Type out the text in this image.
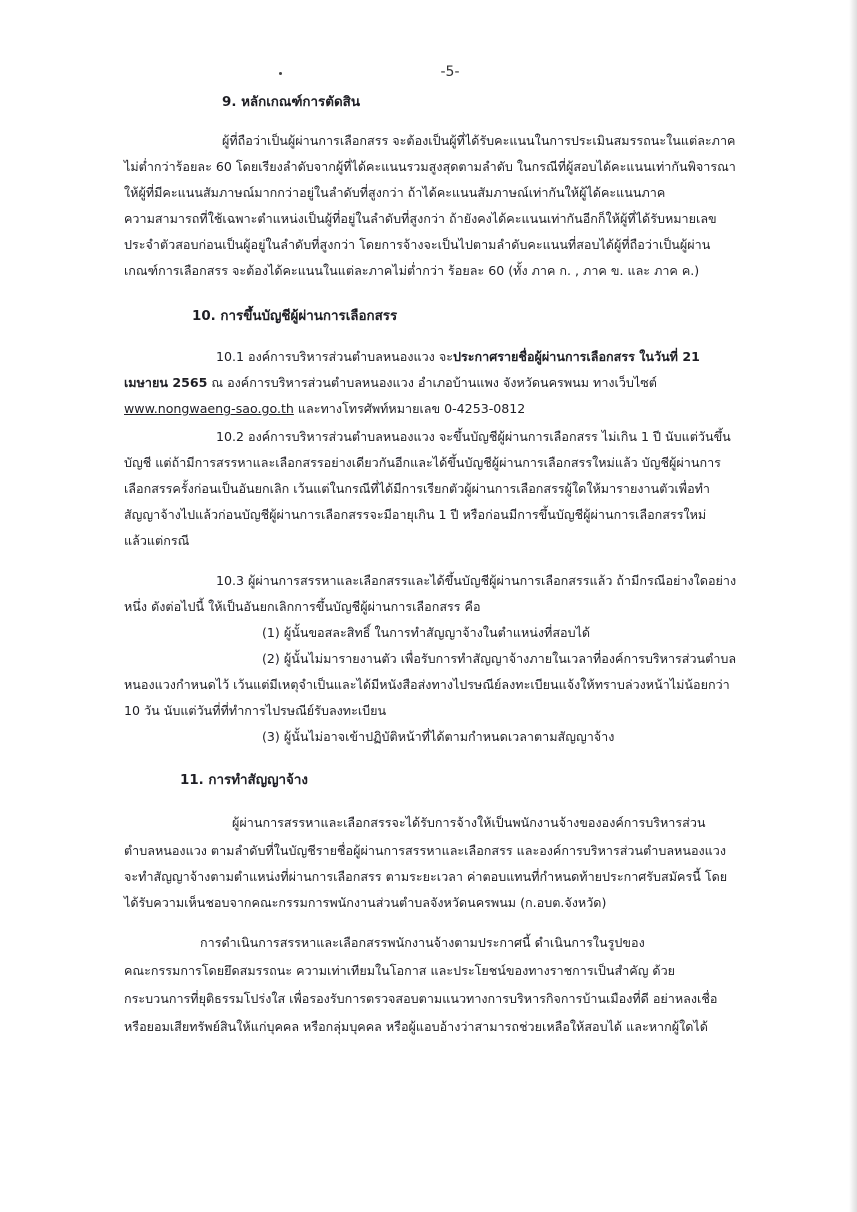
-5-
9. หลักเกณฑ์การตัดสิน
ผู้ที่ถือว่าเป็นผู้ผ่านการเลือกสรร จะต้องเป็นผู้ที่ได้รับคะแนนในการประเมินสมรรถนะในแต่ละภาค
ไม่ต่ำกว่าร้อยละ 60 โดยเรียงลำดับจากผู้ที่ได้คะแนนรวมสูงสุดตามลำดับ ในกรณีที่ผู้สอบได้คะแนนเท่ากันพิจารณา
ให้ผู้ที่มีคะแนนสัมภาษณ์มากกว่าอยู่ในลำดับที่สูงกว่า ถ้าได้คะแนนสัมภาษณ์เท่ากันให้ผู้ได้คะแนนภาค
ความสามารถที่ใช้เฉพาะตำแหน่งเป็นผู้ที่อยู่ในลำดับที่สูงกว่า ถ้ายังคงได้คะแนนเท่ากันอีกก็ให้ผู้ที่ได้รับหมายเลข
ประจำตัวสอบก่อนเป็นผู้อยู่ในลำดับที่สูงกว่า โดยการจ้างจะเป็นไปตามลำดับคะแนนที่สอบได้ผู้ที่ถือว่าเป็นผู้ผ่าน
เกณฑ์การเลือกสรร จะต้องได้คะแนนในแต่ละภาคไม่ต่ำกว่า ร้อยละ 60 (ทั้ง ภาค ก. , ภาค ข. และ ภาค ค.)
10. การขึ้นบัญชีผู้ผ่านการเลือกสรร
10.1 องค์การบริหารส่วนตำบลหนองแวง จะประกาศรายชื่อผู้ผ่านการเลือกสรร ในวันที่ 21
เมษายน 2565 ณ องค์การบริหารส่วนตำบลหนองแวง อำเภอบ้านแพง จังหวัดนครพนม ทางเว็บไซต์
www.nongwaeng-sao.go.th และทางโทรศัพท์หมายเลข 0-4253-0812
10.2 องค์การบริหารส่วนตำบลหนองแวง จะขึ้นบัญชีผู้ผ่านการเลือกสรร ไม่เกิน 1 ปี นับแต่วันขึ้น
บัญชี แต่ถ้ามีการสรรหาและเลือกสรรอย่างเดียวกันอีกและได้ขึ้นบัญชีผู้ผ่านการเลือกสรรใหม่แล้ว บัญชีผู้ผ่านการ
เลือกสรรครั้งก่อนเป็นอันยกเลิก เว้นแต่ในกรณีที่ได้มีการเรียกตัวผู้ผ่านการเลือกสรรผู้ใดให้มารายงานตัวเพื่อทำ
สัญญาจ้างไปแล้วก่อนบัญชีผู้ผ่านการเลือกสรรจะมีอายุเกิน 1 ปี หรือก่อนมีการขึ้นบัญชีผู้ผ่านการเลือกสรรใหม่
แล้วแต่กรณี
10.3 ผู้ผ่านการสรรหาและเลือกสรรและได้ขึ้นบัญชีผู้ผ่านการเลือกสรรแล้ว ถ้ามีกรณีอย่างใดอย่าง
หนึ่ง ดังต่อไปนี้ ให้เป็นอันยกเลิกการขึ้นบัญชีผู้ผ่านการเลือกสรร คือ
(1) ผู้นั้นขอสละสิทธิ์ ในการทำสัญญาจ้างในตำแหน่งที่สอบได้
(2) ผู้นั้นไม่มารายงานตัว เพื่อรับการทำสัญญาจ้างภายในเวลาที่องค์การบริหารส่วนตำบล
หนองแวงกำหนดไว้ เว้นแต่มีเหตุจำเป็นและได้มีหนังสือส่งทางไปรษณีย์ลงทะเบียนแจ้งให้ทราบล่วงหน้าไม่น้อยกว่า
10 วัน นับแต่วันที่ที่ทำการไปรษณีย์รับลงทะเบียน
(3) ผู้นั้นไม่อาจเข้าปฏิบัติหน้าที่ได้ตามกำหนดเวลาตามสัญญาจ้าง
11. การทำสัญญาจ้าง
ผู้ผ่านการสรรหาและเลือกสรรจะได้รับการจ้างให้เป็นพนักงานจ้างขององค์การบริหารส่วน
ตำบลหนองแวง ตามลำดับที่ในบัญชีรายชื่อผู้ผ่านการสรรหาและเลือกสรร และองค์การบริหารส่วนตำบลหนองแวง
จะทำสัญญาจ้างตามตำแหน่งที่ผ่านการเลือกสรร ตามระยะเวลา ค่าตอบแทนที่กำหนดท้ายประกาศรับสมัครนี้ โดย
ได้รับความเห็นชอบจากคณะกรรมการพนักงานส่วนตำบลจังหวัดนครพนม (ก.อบต.จังหวัด)
การดำเนินการสรรหาและเลือกสรรพนักงานจ้างตามประกาศนี้ ดำเนินการในรูปของ
คณะกรรมการโดยยึดสมรรถนะ ความเท่าเทียมในโอกาส และประโยชน์ของทางราชการเป็นสำคัญ ด้วย
กระบวนการที่ยุติธรรมโปร่งใส เพื่อรองรับการตรวจสอบตามแนวทางการบริหารกิจการบ้านเมืองที่ดี อย่าหลงเชื่อ
หรือยอมเสียทรัพย์สินให้แก่บุคคล หรือกลุ่มบุคคล หรือผู้แอบอ้างว่าสามารถช่วยเหลือให้สอบได้ และหากผู้ใดได้
